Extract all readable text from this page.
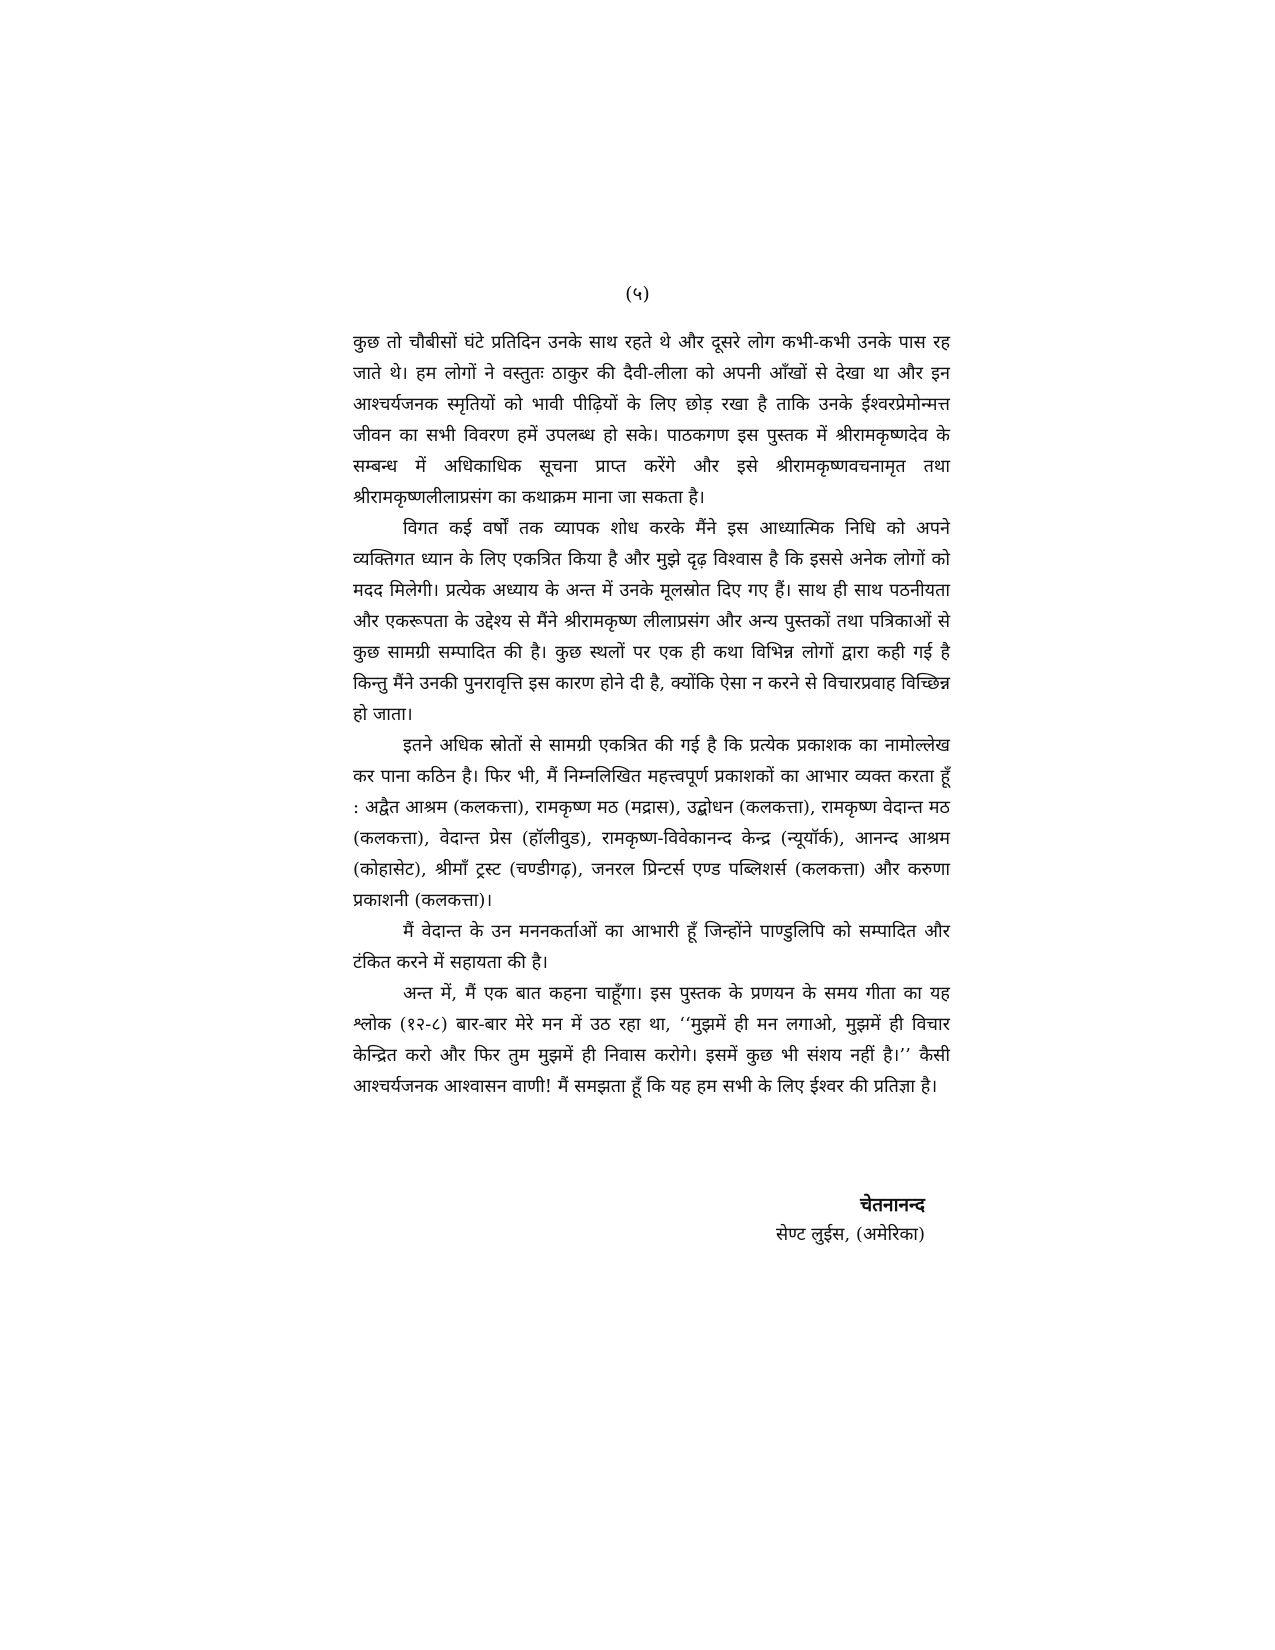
(५)

कुछ तो चौबीसों घंटे प्रतिदिन उनके साथ रहते थे और दूसरे लोग कभी-कभी उनके पास रह जाते थे। हम लोगों ने वस्तुतः ठाकुर की दैवी-लीला को अपनी आँखों से देखा था और इन आश्चर्यजनक स्मृतियों को भावी पीढ़ियों के लिए छोड़ रखा है ताकि उनके ईश्वरप्रेमोन्मत्त जीवन का सभी विवरण हमें उपलब्ध हो सके। पाठकगण इस पुस्तक में श्रीरामकृष्णदेव के सम्बन्ध में अधिकाधिक सूचना प्राप्त करेंगे और इसे श्रीरामकृष्णवचनामृत तथा श्रीरामकृष्णलीलाप्रसंग का कथाक्रम माना जा सकता है।

विगत कई वर्षों तक व्यापक शोध करके मैंने इस आध्यात्मिक निधि को अपने व्यक्तिगत ध्यान के लिए एकत्रित किया है और मुझे दृढ़ विश्वास है कि इससे अनेक लोगों को मदद मिलेगी। प्रत्येक अध्याय के अन्त में उनके मूलस्रोत दिए गए हैं। साथ ही साथ पठनीयता और एकरूपता के उद्देश्य से मैंने श्रीरामकृष्ण लीलाप्रसंग और अन्य पुस्तकों तथा पत्रिकाओं से कुछ सामग्री सम्पादित की है। कुछ स्थलों पर एक ही कथा विभिन्न लोगों द्वारा कही गई है किन्तु मैंने उनकी पुनरावृत्ति इस कारण होने दी है, क्योंकि ऐसा न करने से विचारप्रवाह विच्छिन्न हो जाता।

इतने अधिक स्रोतों से सामग्री एकत्रित की गई है कि प्रत्येक प्रकाशक का नामोल्लेख कर पाना कठिन है। फिर भी, मैं निम्नलिखित महत्त्वपूर्ण प्रकाशकों का आभार व्यक्त करता हूँ : अद्वैत आश्रम (कलकत्ता), रामकृष्ण मठ (मद्रास), उद्बोधन (कलकत्ता), रामकृष्ण वेदान्त मठ (कलकत्ता), वेदान्त प्रेस (हॉलीवुड), रामकृष्ण-विवेकानन्द केन्द्र (न्यूयॉर्क), आनन्द आश्रम (कोहासेट), श्रीमाँ ट्रस्ट (चण्डीगढ़), जनरल प्रिन्टर्स एण्ड पब्लिशर्स (कलकत्ता) और करुणा प्रकाशनी (कलकत्ता)।

मैं वेदान्त के उन मननकर्ताओं का आभारी हूँ जिन्होंने पाण्डुलिपि को सम्पादित और टंकित करने में सहायता की है।

अन्त में, मैं एक बात कहना चाहूँगा। इस पुस्तक के प्रणयन के समय गीता का यह श्लोक (१२-८) बार-बार मेरे मन में उठ रहा था, ‘‘मुझमें ही मन लगाओ, मुझमें ही विचार केन्द्रित करो और फिर तुम मुझमें ही निवास करोगे। इसमें कुछ भी संशय नहीं है।’’ कैसी आश्चर्यजनक आश्वासन वाणी! मैं समझता हूँ कि यह हम सभी के लिए ईश्वर की प्रतिज्ञा है।

चेतनानन्द
सेण्ट लुईस, (अमेरिका)
